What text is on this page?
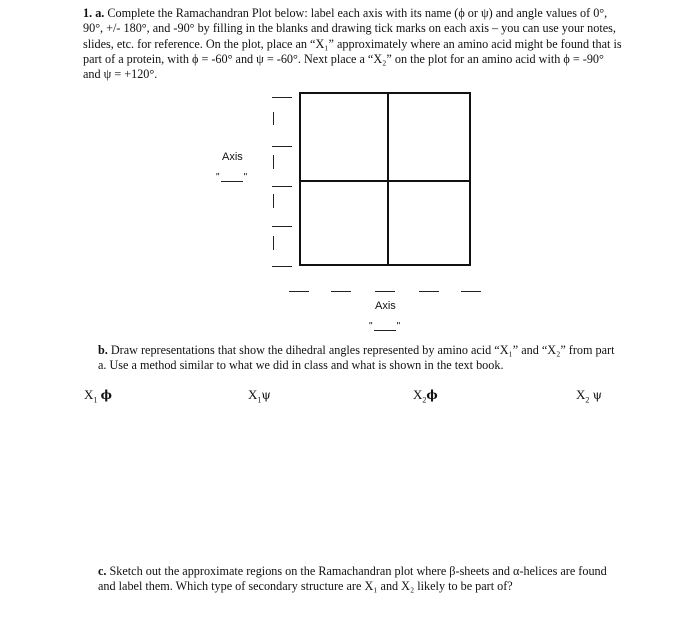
1. a. Complete the Ramachandran Plot below: label each axis with its name (ϕ or ψ) and angle values of 0°, 90°, +/- 180°, and -90° by filling in the blanks and drawing tick marks on each axis – you can use your notes, slides, etc. for reference. On the plot, place an “X₁” approximately where an amino acid might be found that is part of a protein, with ϕ = -60° and ψ = -60°. Next place a “X₂” on the plot for an amino acid with ϕ = -90° and ψ = +120°.
Axis
" "
Axis
" "
b. Draw representations that show the dihedral angles represented by amino acid “X₁” and “X₂” from part a. Use a method similar to what we did in class and what is shown in the text book.
$X_1$ ϕ	$X_1\psi$	$X_2\phi$	$X_2$ ψ
c. Sketch out the approximate regions on the Ramachandran plot where β-sheets and α-helices are found and label them. Which type of secondary structure are X₁ and X₂ likely to be part of?
